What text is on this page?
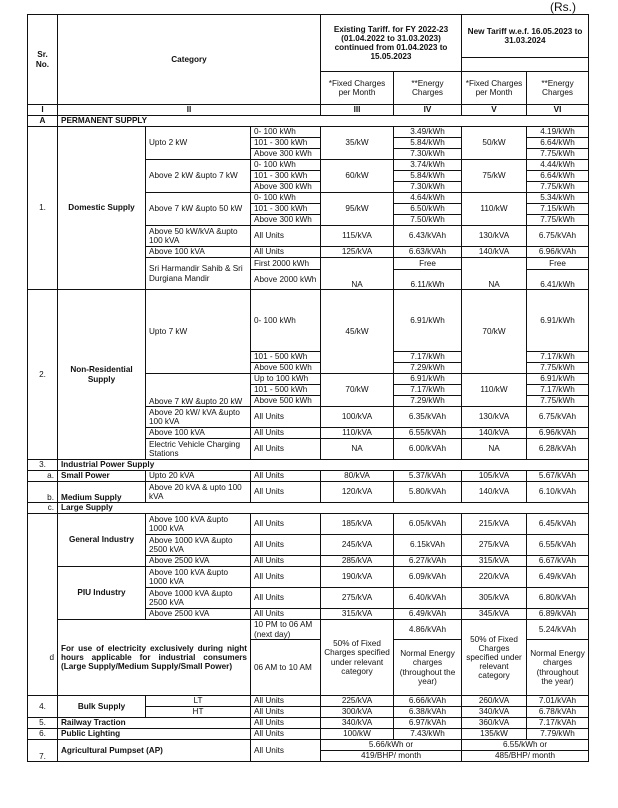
(Rs.)
Sr. No.	Category			Existing Tariff. for FY 2022-23 (01.04.2022 to 31.03.2023) continued from 01.04.2023 to 15.05.2023		New Tariff w.e.f. 16.05.2023 to 31.03.2024	

				*Fixed Charges per Month	**Energy Charges	*Fixed Charges per Month	**Energy Charges
I	II			III	IV	V	VI
A	PERMANENT SUPPLY						
1.	Domestic Supply	Upto 2 kW	0- 100 kWh	35/kW	3.49/kWh	50/kW	4.19/kWh
			101 - 300 kWh		5.84/kWh		6.64/kWh
			Above 300 kWh		7.30/kWh		7.75/kWh
		Above 2 kW &upto 7 kW	0- 100 kWh	60/kW	3.74/kWh	75/kW	4.44/kWh
			101 - 300 kWh		5.84/kWh		6.64/kWh
			Above 300 kWh		7.30/kWh		7.75/kWh
		Above 7 kW &upto 50 kW	0- 100 kWh	95/kW	4.64/kWh	110/kW	5.34/kWh
			101 - 300 kWh		6.50/kWh		7.15/kWh
			Above 300 kWh		7.50/kWh		7.75/kWh
		Above 50 kW/kVA &upto 100 kVA	All Units	115/kVA	6.43/kVAh	130/kVA	6.75/kVAh
		Above 100 kVA	All Units	125/kVA	6.63/kVAh	140/kVA	6.96/kVAh
		Sri Harmandir Sahib & Sri Durgiana Mandir	First 2000 kWh	NA	Free	NA	Free
			Above 2000 kWh		6.11/kWh		6.41/kWh

2.	Non-Residential Supply	Upto 7 kW	0- 100 kWh	45/kW	6.91/kWh	70/kW	6.91/kWh
			101 - 500 kWh		7.17/kWh		7.17/kWh
			Above 500 kWh		7.29/kWh		7.75/kWh
		Above 7 kW &upto 20 kW	Up to 100 kWh	70/kW	6.91/kWh	110/kW	6.91/kWh
			101 - 500 kWh		7.17/kWh		7.17/kWh
			Above 500 kWh		7.29/kWh		7.75/kWh
		Above 20 kW/ kVA &upto 100 kVA	All Units	100/kVA	6.35/kVAh	130/kVA	6.75/kVAh
		Above 100 kVA	All Units	110/kVA	6.55/kVAh	140/kVA	6.96/kVAh
		Electric Vehicle Charging Stations	All Units	NA	6.00/kVAh	NA	6.28/kVAh

3.	Industrial Power Supply						
a.	Small Power	Upto 20 kVA	All Units	80/kVA	5.37/kVAh	105/kVA	5.67/kVAh
b.	Medium Supply	Above 20 kVA & upto 100 kVA	All Units	120/kVA	5.80/kVAh	140/kVA	6.10/kVAh
c.	Large Supply						
	General Industry	Above 100 kVA &upto 1000 kVA	All Units	185/kVA	6.05/kVAh	215/kVA	6.45/kVAh
		Above 1000 kVA &upto 2500 kVA	All Units	245/kVA	6.15kVAh	275/kVA	6.55/kVAh
		Above 2500 kVA	All Units	285/kVA	6.27/kVAh	315/kVA	6.67/kVAh
	PIU Industry	Above 100 kVA &upto 1000 kVA	All Units	190/kVA	6.09/kVAh	220/kVA	6.49/kVAh
		Above 1000 kVA &upto 2500 kVA	All Units	275/kVA	6.40/kVAh	305/kVA	6.80/kVAh
		Above 2500 kVA	All Units	315/kVA	6.49/kVAh	345/kVA	6.89/kVAh

d	For use of electricity exclusively during night hours applicable for industrial consumers (Large Supply/Medium Supply/Small Power)		10 PM to 06 AM (next day)	50% of Fixed Charges specified under relevant category	4.86/kVAh	50% of Fixed Charges specified under relevant category	5.24/kVAh
			06 AM to 10 AM		Normal Energy charges (throughout the year)		Normal Energy charges (throughout the year)
4.	Bulk Supply	LT	All Units	225/kVA	6.66/kVAh	260/kVA	7.01/kVAh
		HT	All Units	300/kVA	6.38/kVAh	340/kVA	6.78/kVAh
5.	Railway Traction		All Units	340/kVA	6.97/kVAh	360/kVA	7.17/kVAh
6.	Public Lighting		All Units	100/kW	7.43/kWh	135/kW	7.79/kWh
7.	Agricultural Pumpset (AP)		All Units	5.66/kWh or		6.55/kWh or	
				419/BHP/ month		485/BHP/ month	
